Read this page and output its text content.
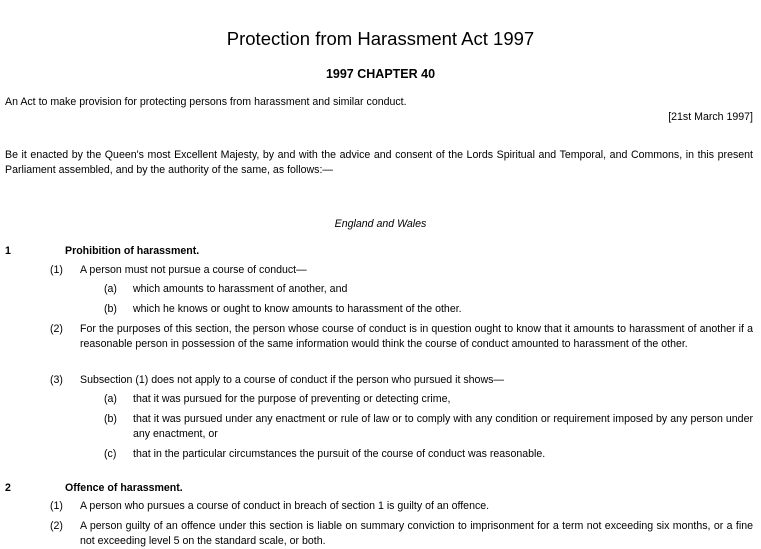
Protection from Harassment Act 1997
1997 CHAPTER 40
An Act to make provision for protecting persons from harassment and similar conduct.
[21st March 1997]
Be it enacted by the Queen's most Excellent Majesty, by and with the advice and consent of the Lords Spiritual and Temporal, and Commons, in this present Parliament assembled, and by the authority of the same, as follows:—
England and Wales
1	Prohibition of harassment.
(1) A person must not pursue a course of conduct—
(a) which amounts to harassment of another, and
(b) which he knows or ought to know amounts to harassment of the other.
(2) For the purposes of this section, the person whose course of conduct is in question ought to know that it amounts to harassment of another if a reasonable person in possession of the same information would think the course of conduct amounted to harassment of the other.
(3) Subsection (1) does not apply to a course of conduct if the person who pursued it shows—
(a) that it was pursued for the purpose of preventing or detecting crime,
(b) that it was pursued under any enactment or rule of law or to comply with any condition or requirement imposed by any person under any enactment, or
(c) that in the particular circumstances the pursuit of the course of conduct was reasonable.
2	Offence of harassment.
(1) A person who pursues a course of conduct in breach of section 1 is guilty of an offence.
(2) A person guilty of an offence under this section is liable on summary conviction to imprisonment for a term not exceeding six months, or a fine not exceeding level 5 on the standard scale, or both.
